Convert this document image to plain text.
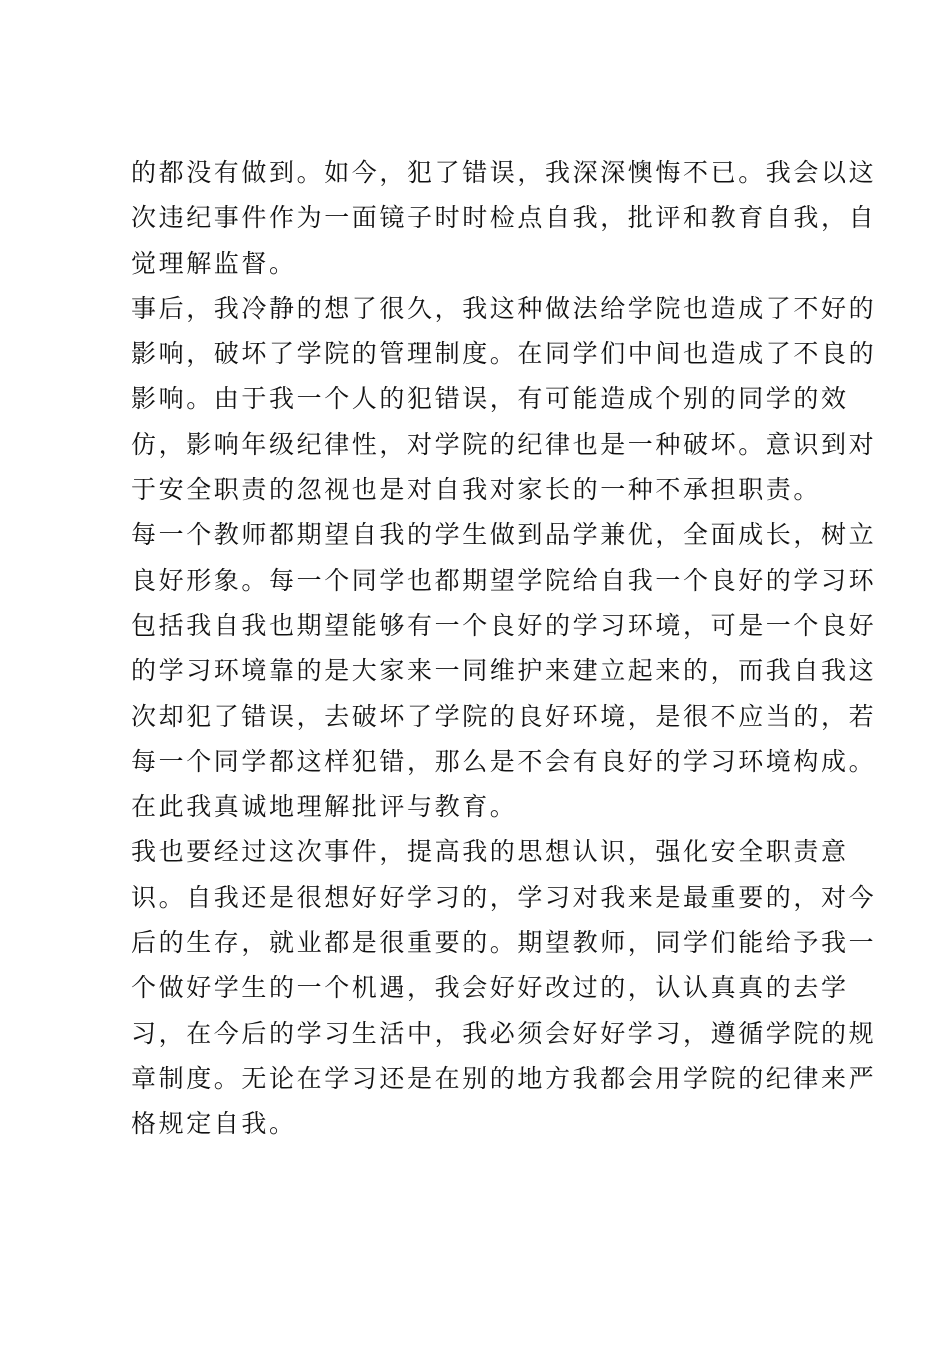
的都没有做到。如今，犯了错误，我深深懊悔不已。我会以这
次违纪事件作为一面镜子时时检点自我，批评和教育自我，自
觉理解监督。
事后，我冷静的想了很久，我这种做法给学院也造成了不好的
影响，破坏了学院的管理制度。在同学们中间也造成了不良的
影响。由于我一个人的犯错误，有可能造成个别的同学的效
仿，影响年级纪律性，对学院的纪律也是一种破坏。意识到对
于安全职责的忽视也是对自我对家长的一种不承担职责。
每一个教师都期望自我的学生做到品学兼优，全面成长，树立
良好形象。每一个同学也都期望学院给自我一个良好的学习环
包括我自我也期望能够有一个良好的学习环境，可是一个良好
的学习环境靠的是大家来一同维护来建立起来的，而我自我这
次却犯了错误，去破坏了学院的良好环境，是很不应当的，若
每一个同学都这样犯错，那么是不会有良好的学习环境构成。
在此我真诚地理解批评与教育。
我也要经过这次事件，提高我的思想认识，强化安全职责意
识。自我还是很想好好学习的，学习对我来是最重要的，对今
后的生存，就业都是很重要的。期望教师，同学们能给予我一
个做好学生的一个机遇，我会好好改过的，认认真真的去学
习，在今后的学习生活中，我必须会好好学习，遵循学院的规
章制度。无论在学习还是在别的地方我都会用学院的纪律来严
格规定自我。
